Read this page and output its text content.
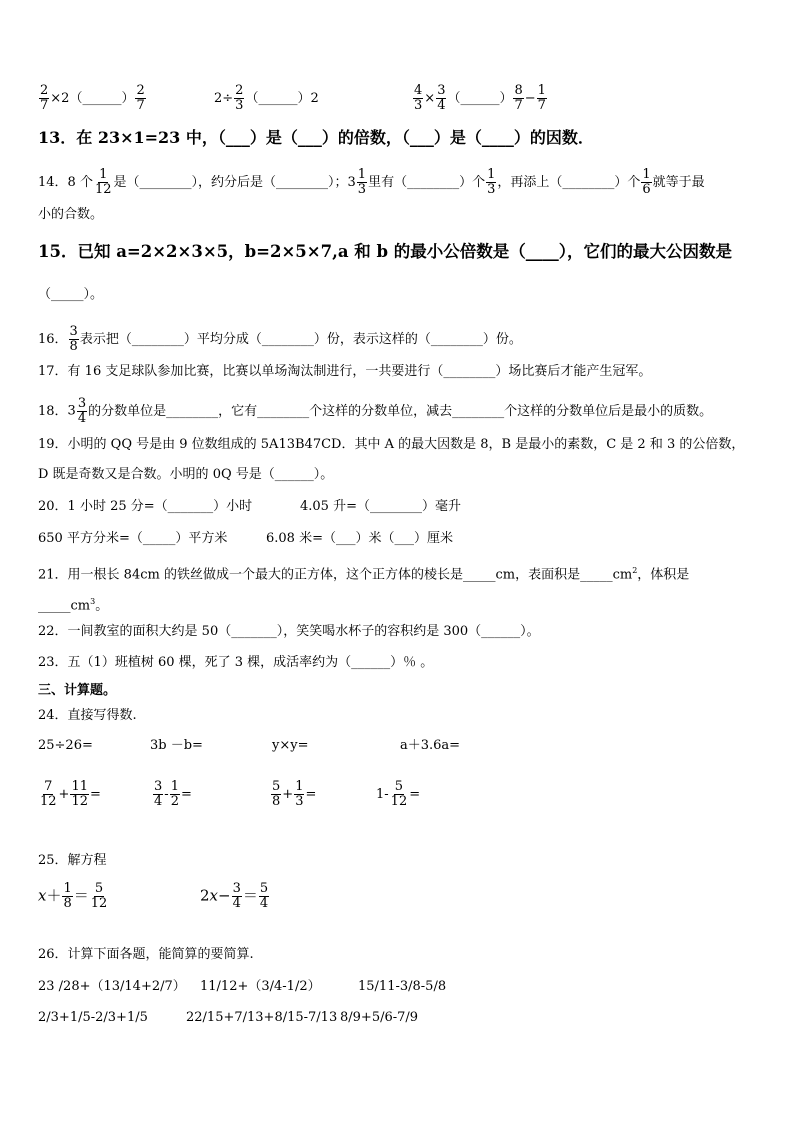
$\frac{2}{7}$ ×2（______） $\frac{2}{7}$	$2\div \frac{2}{3}$ （______）2	$\frac{4}{3} \times \frac{3}{4}$ （______） $\frac{8}{7} - \frac{1}{7}$
13．在 23×1=23 中，（___）是（___）的倍数，（___）是（____）的因数．
14．8 个 $\frac{1}{12}$ 是（________），约分后是（________）；$3 \frac{1}{3}$ 里有（________）个 $\frac{1}{3}$ ，再添上（________）个 $\frac{1}{6}$ 就等于最
小的合数。
15．已知 a=2×2×3×5，b=2×5×7,a 和 b 的最小公倍数是（____），它们的最大公因数是
（_____）。
16． $\frac{3}{8}$ 表示把（________）平均分成（________）份，表示这样的（________）份。
17．有 16 支足球队参加比赛，比赛以单场淘汰制进行，一共要进行（________）场比赛后才能产生冠军。
18．$3 \frac{3}{4}$ 的分数单位是________，它有________个这样的分数单位，减去________个这样的分数单位后是最小的质数。
19．小明的 QQ 号是由 9 位数组成的 5A13B47CD．其中 A 的最大因数是 8，B 是最小的素数，C 是 2 和 3 的公倍数，
D 既是奇数又是合数。小明的 0Q 号是（______）。
20．1 小时 25 分=（_______）小时	4.05 升=（________）毫升
650 平方分米=（_____）平方米	6.08 米=（___）米（___）厘米
21．用一根长 84cm 的铁丝做成一个最大的正方体，这个正方体的棱长是_____cm，表面积是$\_\_\_\_\_cm^2$，体积是
$\_\_\_\_\_cm^3$。
22．一间教室的面积大约是 50（_______），笑笑喝水杯子的容积约是 300（______）。
23．五（1）班植树 60 棵，死了 3 棵，成活率约为（______）％ 。
三、计算题。
24．直接写得数.
25÷26=	3b －b=	y×y=	a＋3.6a=
$\frac{7}{12} + \frac{11}{12}$ =	$\frac{3}{4} - \frac{1}{2}$ =	$\frac{5}{8} + \frac{1}{3}$ =	$1- \frac{5}{12}$ =
25．解方程
$x+ \frac{1}{8} = \frac{5}{12}$	$2x- \frac{3}{4} = \frac{5}{4}$
26．计算下面各题，能简算的要简算.
23 /28+（13/14+2/7） 11/12+（3/4-1/2）	15/11-3/8-5/8
2/3+1/5-2/3+1/5	22/15+7/13+8/15-7/13 8/9+5/6-7/9
